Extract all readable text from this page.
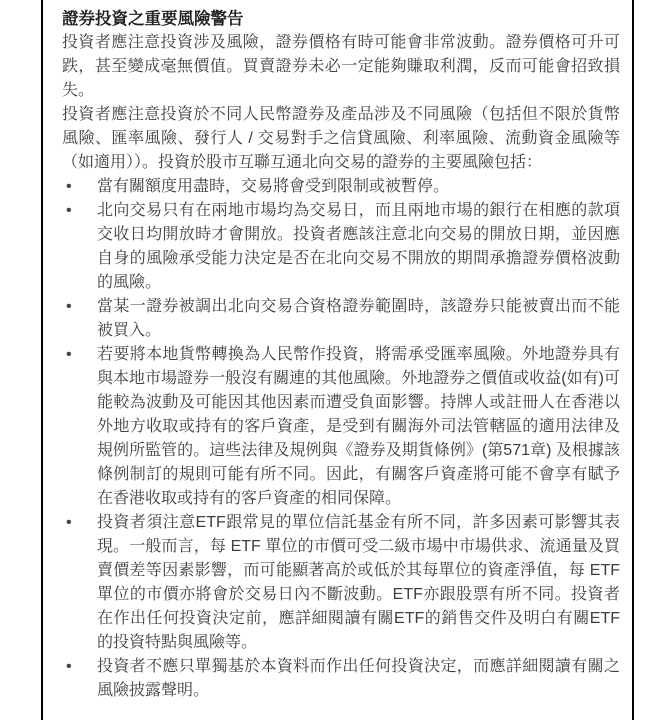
證券投資之重要風險警告

投資者應注意投資涉及風險，證券價格有時可能會非常波動。證券價格可升可跌，甚至變成毫無價值。買賣證券未必一定能夠賺取利潤，反而可能會招致損失。

投資者應注意投資於不同人民幣證券及產品涉及不同風險（包括但不限於貨幣風險、匯率風險、發行人 / 交易對手之信貸風險、利率風險、流動資金風險等（如適用））。投資於股市互聯互通北向交易的證券的主要風險包括：

•	當有關額度用盡時，交易將會受到限制或被暫停。
•	北向交易只有在兩地市場均為交易日，而且兩地市場的銀行在相應的款項交收日均開放時才會開放。投資者應該注意北向交易的開放日期，並因應自身的風險承受能力決定是否在北向交易不開放的期間承擔證券價格波動的風險。
•	當某一證券被調出北向交易合資格證券範圍時，該證券只能被賣出而不能被買入。
•	若要將本地貨幣轉換為人民幣作投資，將需承受匯率風險。外地證券具有與本地市場證券一般沒有關連的其他風險。外地證券之價值或收益(如有)可能較為波動及可能因其他因素而遭受負面影響。持牌人或註冊人在香港以外地方收取或持有的客戶資產，是受到有關海外司法管轄區的適用法律及規例所監管的。這些法律及規例與《證券及期貨條例》(第571章) 及根據該條例制訂的規則可能有所不同。因此，有關客戶資產將可能不會享有賦予在香港收取或持有的客戶資產的相同保障。
•	投資者須注意ETF跟常見的單位信託基金有所不同，許多因素可影響其表現。一般而言，每 ETF 單位的市價可受二級市場中市場供求、流通量及買賣價差等因素影響，而可能顯著高於或低於其每單位的資產淨值，每 ETF 單位的市價亦將會於交易日內不斷波動。ETF亦跟股票有所不同。投資者在作出任何投資決定前，應詳細閱讀有關ETF的銷售交件及明白有關ETF的投資特點與風險等。
•	投資者不應只單獨基於本資料而作出任何投資決定，而應詳細閱讀有關之風險披露聲明。
